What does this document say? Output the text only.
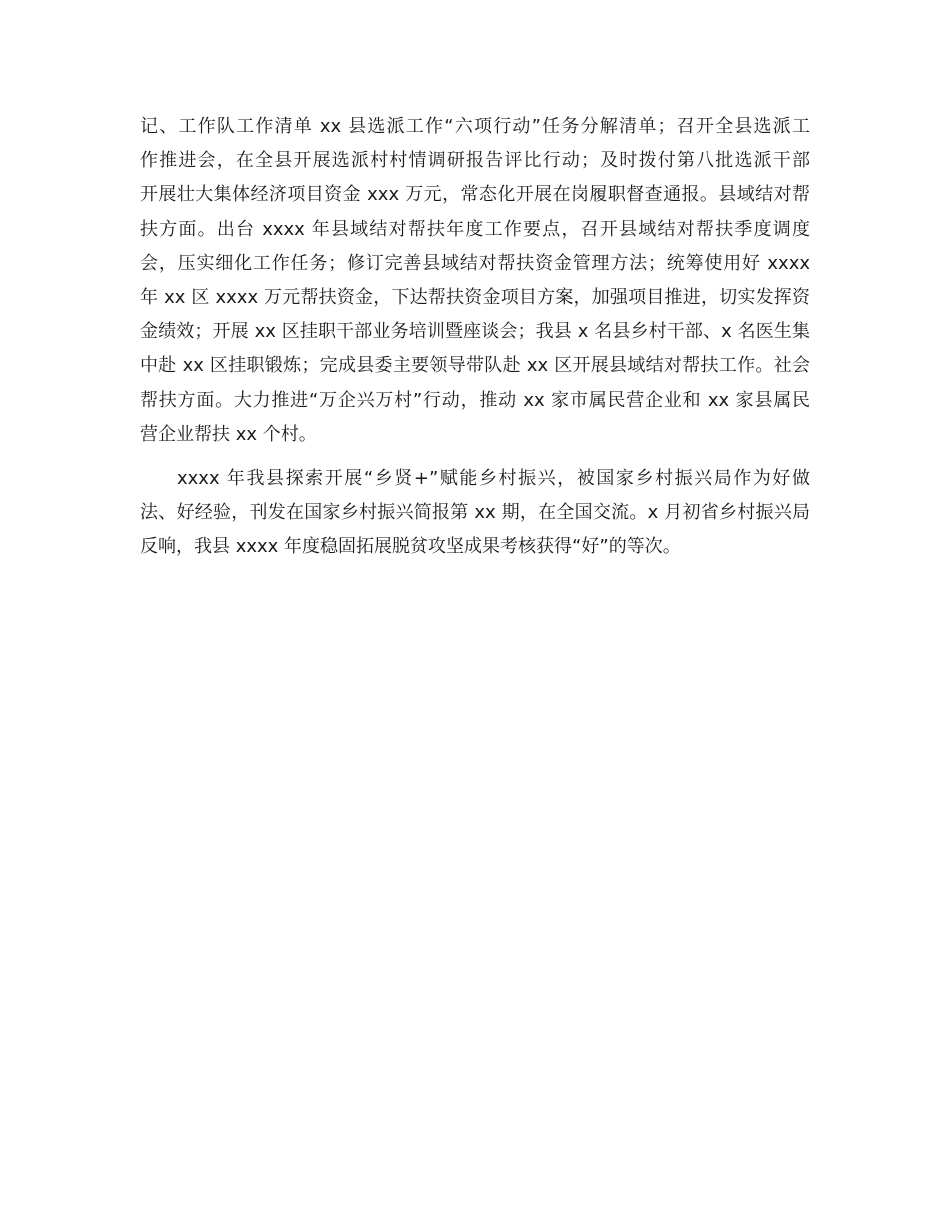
记、工作队工作清单 xx 县选派工作“六项行动”任务分解清单；召开全县选派工
作推进会，在全县开展选派村村情调研报告评比行动；及时拨付第八批选派干部
开展壮大集体经济项目资金 xxx 万元，常态化开展在岗履职督查通报。县域结对帮
扶方面。出台 xxxx 年县域结对帮扶年度工作要点，召开县域结对帮扶季度调度
会，压实细化工作任务；修订完善县域结对帮扶资金管理方法；统筹使用好 xxxx
年 xx 区 xxxx 万元帮扶资金，下达帮扶资金项目方案，加强项目推进，切实发挥资
金绩效；开展 xx 区挂职干部业务培训暨座谈会；我县 x 名县乡村干部、x 名医生集
中赴 xx 区挂职锻炼；完成县委主要领导带队赴 xx 区开展县域结对帮扶工作。社会
帮扶方面。大力推进“万企兴万村”行动，推动 xx 家市属民营企业和 xx 家县属民
营企业帮扶 xx 个村。
xxxx 年我县探索开展“乡贤+”赋能乡村振兴，被国家乡村振兴局作为好做
法、好经验，刊发在国家乡村振兴简报第 xx 期，在全国交流。x 月初省乡村振兴局
反响，我县 xxxx 年度稳固拓展脱贫攻坚成果考核获得“好”的等次。
